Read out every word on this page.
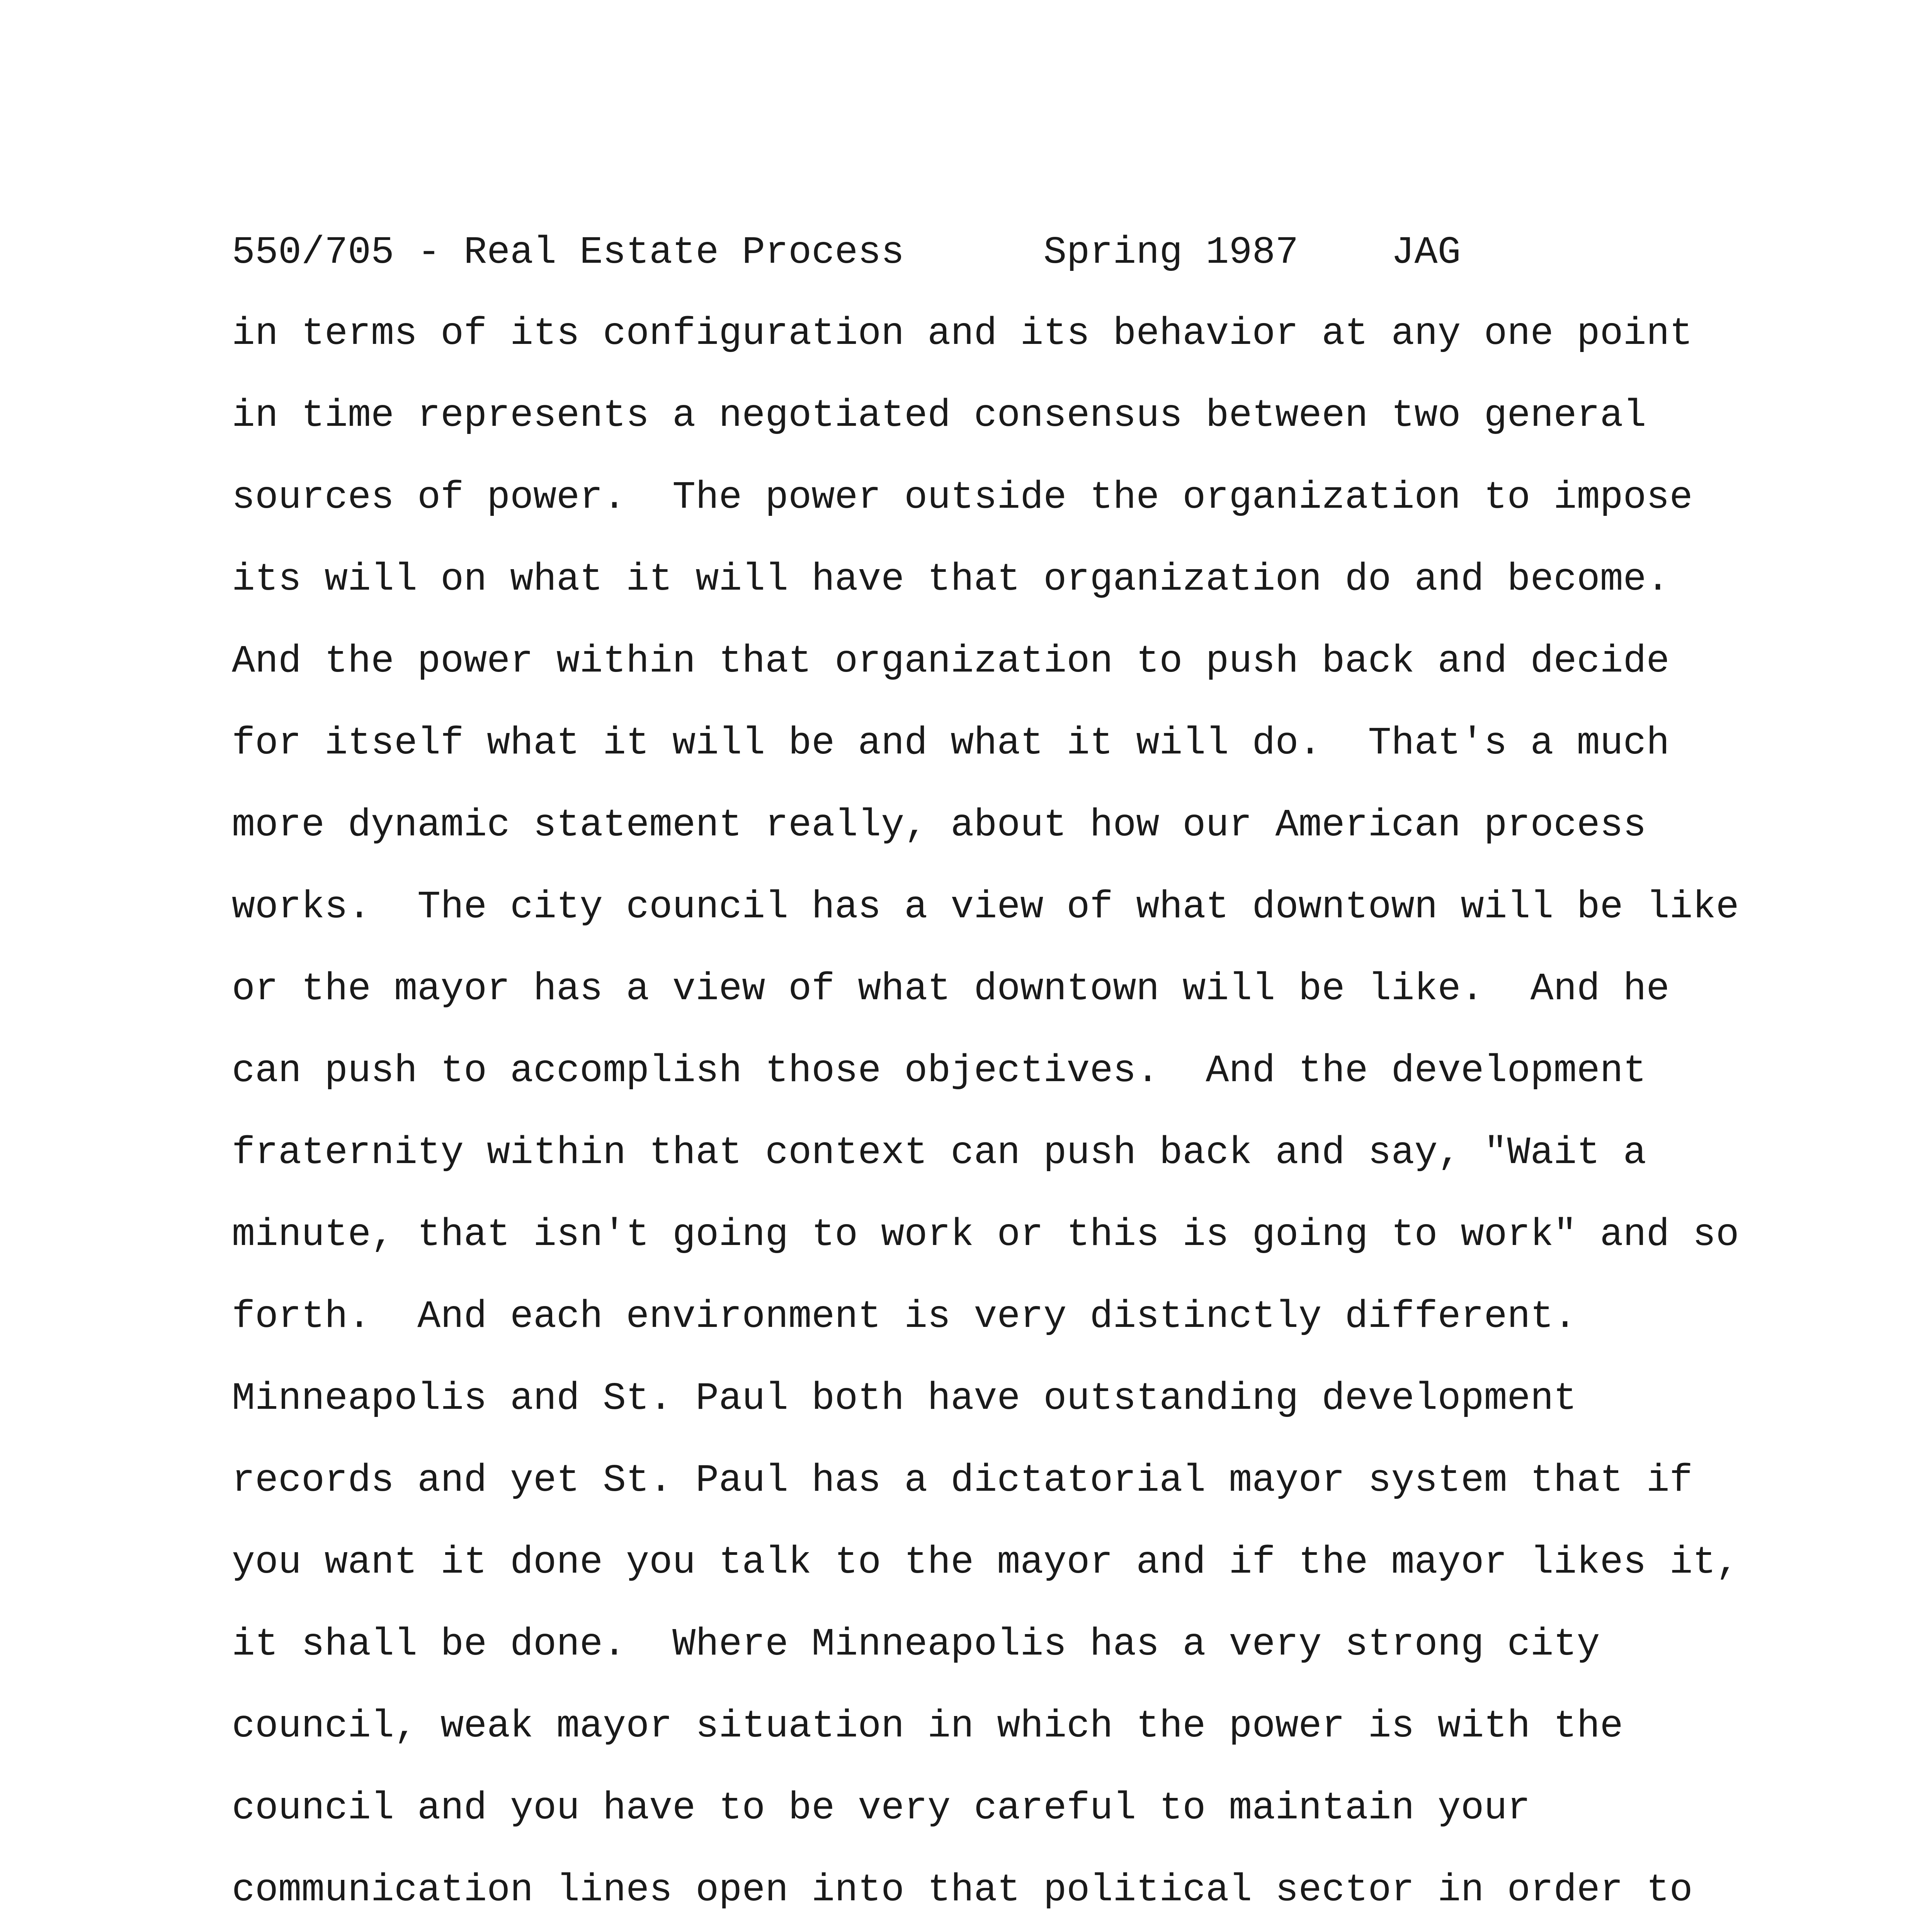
550/705 - Real Estate Process	Spring 1987 JAG
in terms of its configuration and its behavior at any one point
in time represents a negotiated consensus between two general
sources of power.  The power outside the organization to impose
its will on what it will have that organization do and become.
And the power within that organization to push back and decide
for itself what it will be and what it will do.  That's a much
more dynamic statement really, about how our American process
works.  The city council has a view of what downtown will be like
or the mayor has a view of what downtown will be like.  And he
can push to accomplish those objectives.  And the development
fraternity within that context can push back and say, "Wait a
minute, that isn't going to work or this is going to work" and so
forth.  And each environment is very distinctly different.
Minneapolis and St. Paul both have outstanding development
records and yet St. Paul has a dictatorial mayor system that if
you want it done you talk to the mayor and if the mayor likes it,
it shall be done.  Where Minneapolis has a very strong city
council, weak mayor situation in which the power is with the
council and you have to be very careful to maintain your
communication lines open into that political sector in order to
